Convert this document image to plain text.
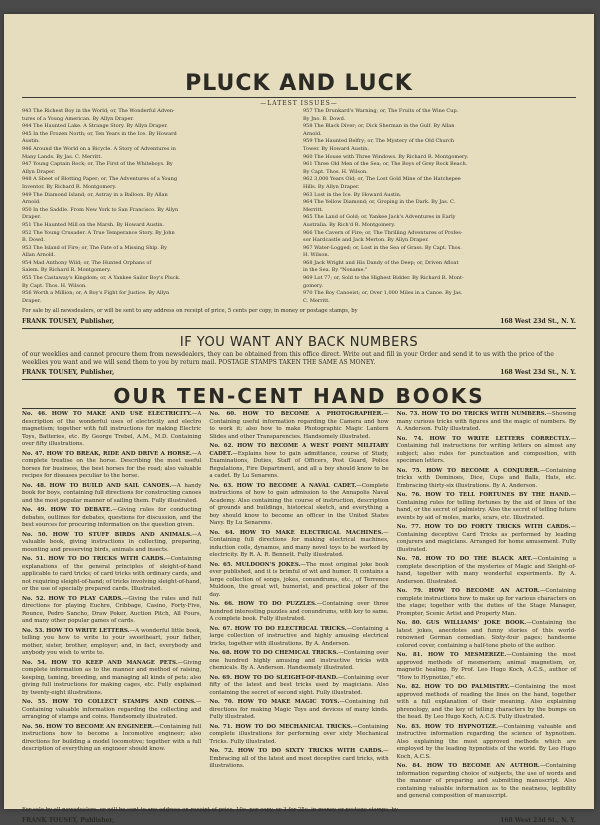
PLUCK AND LUCK
—LATEST ISSUES—
943 The Richest Boy in the World; or, The Wonderful Adven-
tures of a Young American. By Allyn Draper.
944 The Haunted Lake. A Strange Story. By Allyn Draper.
945 In the Frozen North; or, Ten Years in the Ice. By Howard
Austin.
946 Around the World on a Bicycle. A Story of Adventures in
Many Lands. By Jas. C. Merritt.
947 Young Captain Rock; or, The First of the Whiteboys. By
Allyn Draper.
948 A Sheet of Blotting Paper; or, The Adventures of a Young
Inventor. By Richard R. Montgomery.
949 The Diamond Island; or, Astray in a Balloon. By Allan
Arnold.
950 In the Saddle. From New York to San Francisco. By Allyn
Draper.
951 The Haunted Mill on the Marsh. By Howard Austin.
952 The Young Crusader. A True Temperance Story. By John
B. Dowd.
953 The Island of Fire; or, The Fate of a Missing Ship. By
Allan Arnold.
954 Mad Anthony Wild; or, The Hunted Orphans of
Salem. By Richard R. Montgomery.
955 The Castaway's Kingdom; or, A Yankee Sailor Boy's Pluck.
By Capt. Thos. H. Wilson.
956 Worth a Million; or, A Boy's Fight for Justice. By Allyn
Draper.
957 The Drunkard's Warning; or, The Fruits of the Wine Cup.
By Jno. B. Dowd.
958 The Black Diver; or, Dick Sherman in the Gulf. By Allan
Arnold.
959 The Haunted Belfry; or, The Mystery of the Old Church
Tower. By Howard Austin.
960 The House with Three Windows. By Richard R. Montgomery.
961 Three Old Men of the Sea; or, The Boys of Grey Rock Beach.
By Capt. Thos. H. Wilson.
962 3,000 Years Old; or, The Lost Gold Mine of the Hatchepee
Hills. By Allyn Draper.
963 Lost in the Ice. By Howard Austin.
964 The Yellow Diamond; or, Groping in the Dark. By Jas. C.
Merritt.
965 The Land of Gold; or, Yankee Jack's Adventures in Early
Australia. By Rich'd R. Montgomery.
966 The Cavern of Fire; or, The Thrilling Adventures of Profes-
sor Hardcastle and Jack Merton. By Allyn Draper.
967 Water-Logged; or, Lost in the Sea of Grass. By Capt. Thos.
H. Wilson.
968 Jack Wright and His Dandy of the Deep; or, Driven Afloat
in the Sea. By "Noname."
969 Lot 77; or, Sold to the Highest Bidder. By Richard R. Mont-
gomery.
970 The Boy Canoeist; or, Over 1,000 Miles in a Canoe. By Jas.
C. Merritt.
For sale by all newsdealers, or will be sent to any address on receipt of price, 5 cents per copy, in money or postage stamps, by
FRANK TOUSEY, Publisher,	168 West 23d St., N. Y.
IF YOU WANT ANY BACK NUMBERS
of our weeklies and cannot procure them from newsdealers, they can be obtained from this office direct. Write out and fill in your Order and send it to us with the price of the weeklies you want and we will send them to you by return mail. POSTAGE STAMPS TAKEN THE SAME AS MONEY.
FRANK TOUSEY, Publisher,	168 West 23d St., N. Y.
OUR TEN-CENT HAND BOOKS

No. 46. HOW TO MAKE AND USE ELECTRICITY.—A description of the wonderful uses of electricity and electro magnetism; together with full instructions for making Electric Toys, Batteries, etc. By George Trebel, A.M., M.D. Containing over fifty illustrations.

No. 47. HOW TO BREAK, RIDE AND DRIVE A HORSE.—A complete treatise on the horse. Describing the most useful horses for business, the best horses for the road; also valuable recipes for diseases peculiar to the horse.

No. 48. HOW TO BUILD AND SAIL CANOES.—A handy book for boys, containing full directions for constructing canoes and the most popular manner of sailing them. Fully illustrated.

No. 49. HOW TO DEBATE.—Giving rules for conducting debates, outlines for debates, questions for discussion, and the best sources for procuring information on the question given.

No. 50. HOW TO STUFF BIRDS AND ANIMALS.—A valuable book, giving instructions in collecting, preparing, mounting and preserving birds, animals and insects.

No. 51. HOW TO DO TRICKS WITH CARDS.—Containing explanations of the general principles of sleight-of-hand applicable to card tricks; of card tricks with ordinary cards, and not requiring sleight-of-hand; of tricks involving sleight-of-hand, or the use of specially prepared cards. Illustrated.

No. 52. HOW TO PLAY CARDS.—Giving the rules and full directions for playing Euchre, Cribbage, Casino, Forty-Five, Rounce, Pedro Sancho, Draw Poker, Auction Pitch, All Fours, and many other popular games of cards.

No. 53. HOW TO WRITE LETTERS.—A wonderful little book, telling you how to write to your sweetheart, your father, mother, sister, brother, employer; and, in fact, everybody and anybody you wish to write to.

No. 54. HOW TO KEEP AND MANAGE PETS.—Giving complete information as to the manner and method of raising, keeping, taming, breeding, and managing all kinds of pets; also giving full instructions for making cages, etc. Fully explained by twenty-eight illustrations.

No. 55. HOW TO COLLECT STAMPS AND COINS.—Containing valuable information regarding the collecting and arranging of stamps and coins. Handsomely illustrated.

No. 56. HOW TO BECOME AN ENGINEER.—Containing full instructions how to become a locomotive engineer; also directions for building a model locomotive; together with a full description of everything an engineer should know.

No. 60. HOW TO BECOME A PHOTOGRAPHER.—Containing useful information regarding the Camera and how to work it; also how to make Photographic Magic Lantern Slides and other Transparencies. Handsomely illustrated.

No. 62. HOW TO BECOME A WEST POINT MILITARY CADET.—Explains how to gain admittance, course of Study, Examinations, Duties, Staff of Officers, Post Guard, Police Regulations, Fire Department, and all a boy should know to be a cadet. By Lu Senarens.

No. 63. HOW TO BECOME A NAVAL CADET.—Complete instructions of how to gain admission to the Annapolis Naval Academy. Also containing the course of instruction, description of grounds and buildings, historical sketch, and everything a boy should know to become an officer in the United States Navy. By Lu Senarens.

No. 64. HOW TO MAKE ELECTRICAL MACHINES.—Containing full directions for making electrical machines, induction coils, dynamos, and many novel toys to be worked by electricity. By R. A. R. Bennett. Fully illustrated.

No. 65. MULDOON'S JOKES.—The most original joke book ever published, and it is brimful of wit and humor. It contains a large collection of songs, jokes, conundrums, etc., of Terrence Muldoon, the great wit, humorist, and practical joker of the day.

No. 66. HOW TO DO PUZZLES.—Containing over three hundred interesting puzzles and conundrums, with key to same. A complete book. Fully illustrated.

No. 67. HOW TO DO ELECTRICAL TRICKS.—Containing a large collection of instructive and highly amusing electrical tricks, together with illustrations. By A. Anderson.

No. 68. HOW TO DO CHEMICAL TRICKS.—Containing over one hundred highly amusing and instructive tricks with chemicals. By A. Anderson. Handsomely illustrated.

No. 69. HOW TO DO SLEIGHT-OF-HAND.—Containing over fifty of the latest and best tricks used by magicians. Also containing the secret of second sight. Fully illustrated.

No. 70. HOW TO MAKE MAGIC TOYS.—Containing full directions for making Magic Toys and devices of many kinds. Fully illustrated.

No. 71. HOW TO DO MECHANICAL TRICKS.—Containing complete illustrations for performing over sixty Mechanical Tricks. Fully illustrated.

No. 72. HOW TO DO SIXTY TRICKS WITH CARDS.—Embracing all of the latest and most deceptive card tricks, with illustrations.

No. 73. HOW TO DO TRICKS WITH NUMBERS.—Showing many curious tricks with figures and the magic of numbers. By A. Anderson. Fully illustrated.

No. 74. HOW TO WRITE LETTERS CORRECTLY.—Containing full instructions for writing letters on almost any subject; also rules for punctuation and composition, with specimen letters.

No. 75. HOW TO BECOME A CONJURER.—Containing tricks with Dominoes, Dice, Cups and Balls, Hats, etc. Embracing thirty-six illustrations. By A. Anderson.

No. 76. HOW TO TELL FORTUNES BY THE HAND.—Containing rules for telling fortunes by the aid of lines of the hand, or the secret of palmistry. Also the secret of telling future events by aid of moles, marks, scars, etc. Illustrated.

No. 77. HOW TO DO FORTY TRICKS WITH CARDS.—Containing deceptive Card Tricks as performed by leading conjurers and magicians. Arranged for home amusement. Fully illustrated.

No. 78. HOW TO DO THE BLACK ART.—Containing a complete description of the mysteries of Magic and Sleight-of-hand, together with many wonderful experiments. By A. Anderson. Illustrated.

No. 79. HOW TO BECOME AN ACTOR.—Containing complete instructions how to make up for various characters on the stage; together with the duties of the Stage Manager, Prompter, Scenic Artist and Property Man.

No. 80. GUS WILLIAMS' JOKE BOOK.—Containing the latest jokes, anecdotes and funny stories of this world-renowned German comedian. Sixty-four pages; handsome colored cover, containing a half-tone photo of the author.

No. 81. HOW TO MESMERIZE.—Containing the most approved methods of mesmerism; animal magnetism, or, magnetic healing. By Prof. Leo Hugo Koch, A.C.S., author of "How to Hypnotize," etc.

No. 82. HOW TO DO PALMISTRY.—Containing the most approved methods of reading the lines on the hand, together with a full explanation of their meaning. Also explaining phrenology, and the key of telling characters by the bumps on the head. By Leo Hugo Koch, A.C.S. Fully illustrated.

No. 83. HOW TO HYPNOTIZE.—Containing valuable and instructive information regarding the science of hypnotism. Also explaining the most approved methods which are employed by the leading hypnotists of the world. By Leo Hugo Koch, A.C.S.

No. 84. HOW TO BECOME AN AUTHOR.—Containing information regarding choice of subjects, the use of words and the manner of preparing and submitting manuscript. Also containing valuable information as to the neatness, legibility and general composition of manuscript.

For sale by all newsdealers, or will be sent to any address on receipt of price, 10c. per copy, or 3 for 25c. in money or postage stamps, by
FRANK TOUSEY, Publisher,	168 West 23d St., N. Y.
